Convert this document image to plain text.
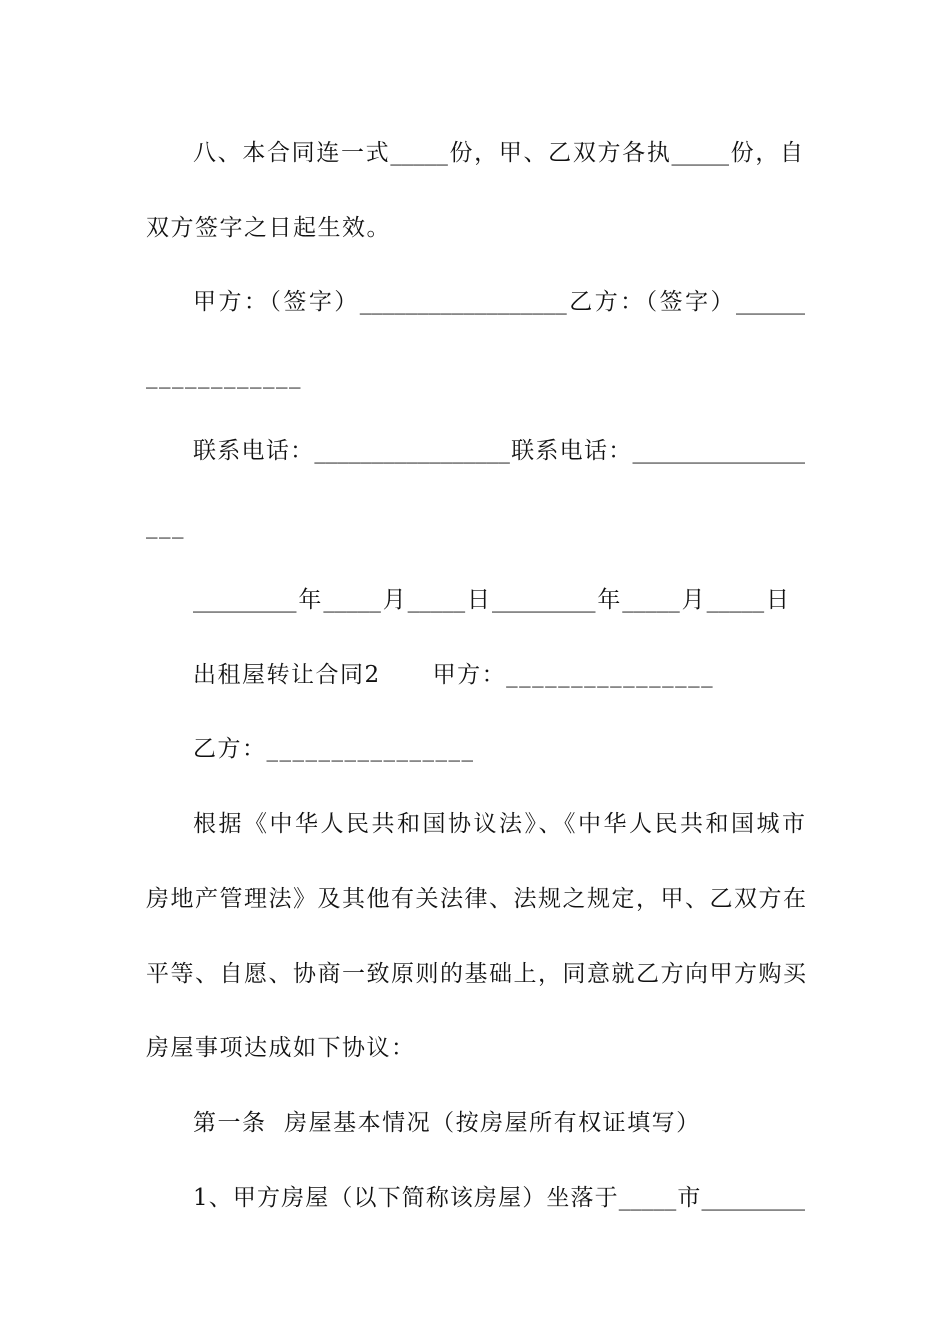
八、本合同连一式_____份，甲、乙双方各执_____份，自
双方签字之日起生效。
甲方：（签字）__________________乙方：（签字）______
____________
联系电话：_________________联系电话：_______________
___
_________年_____月_____日_________年_____月_____日
出租屋转让合同2 甲方：________________
乙方：________________
根据《中华人民共和国协议法》、《中华人民共和国城市
房地产管理法》及其他有关法律、法规之规定，甲、乙双方在
平等、自愿、协商一致原则的基础上，同意就乙方向甲方购买
房屋事项达成如下协议：
第一条  房屋基本情况（按房屋所有权证填写）
1、甲方房屋（以下简称该房屋）坐落于_____市_________
